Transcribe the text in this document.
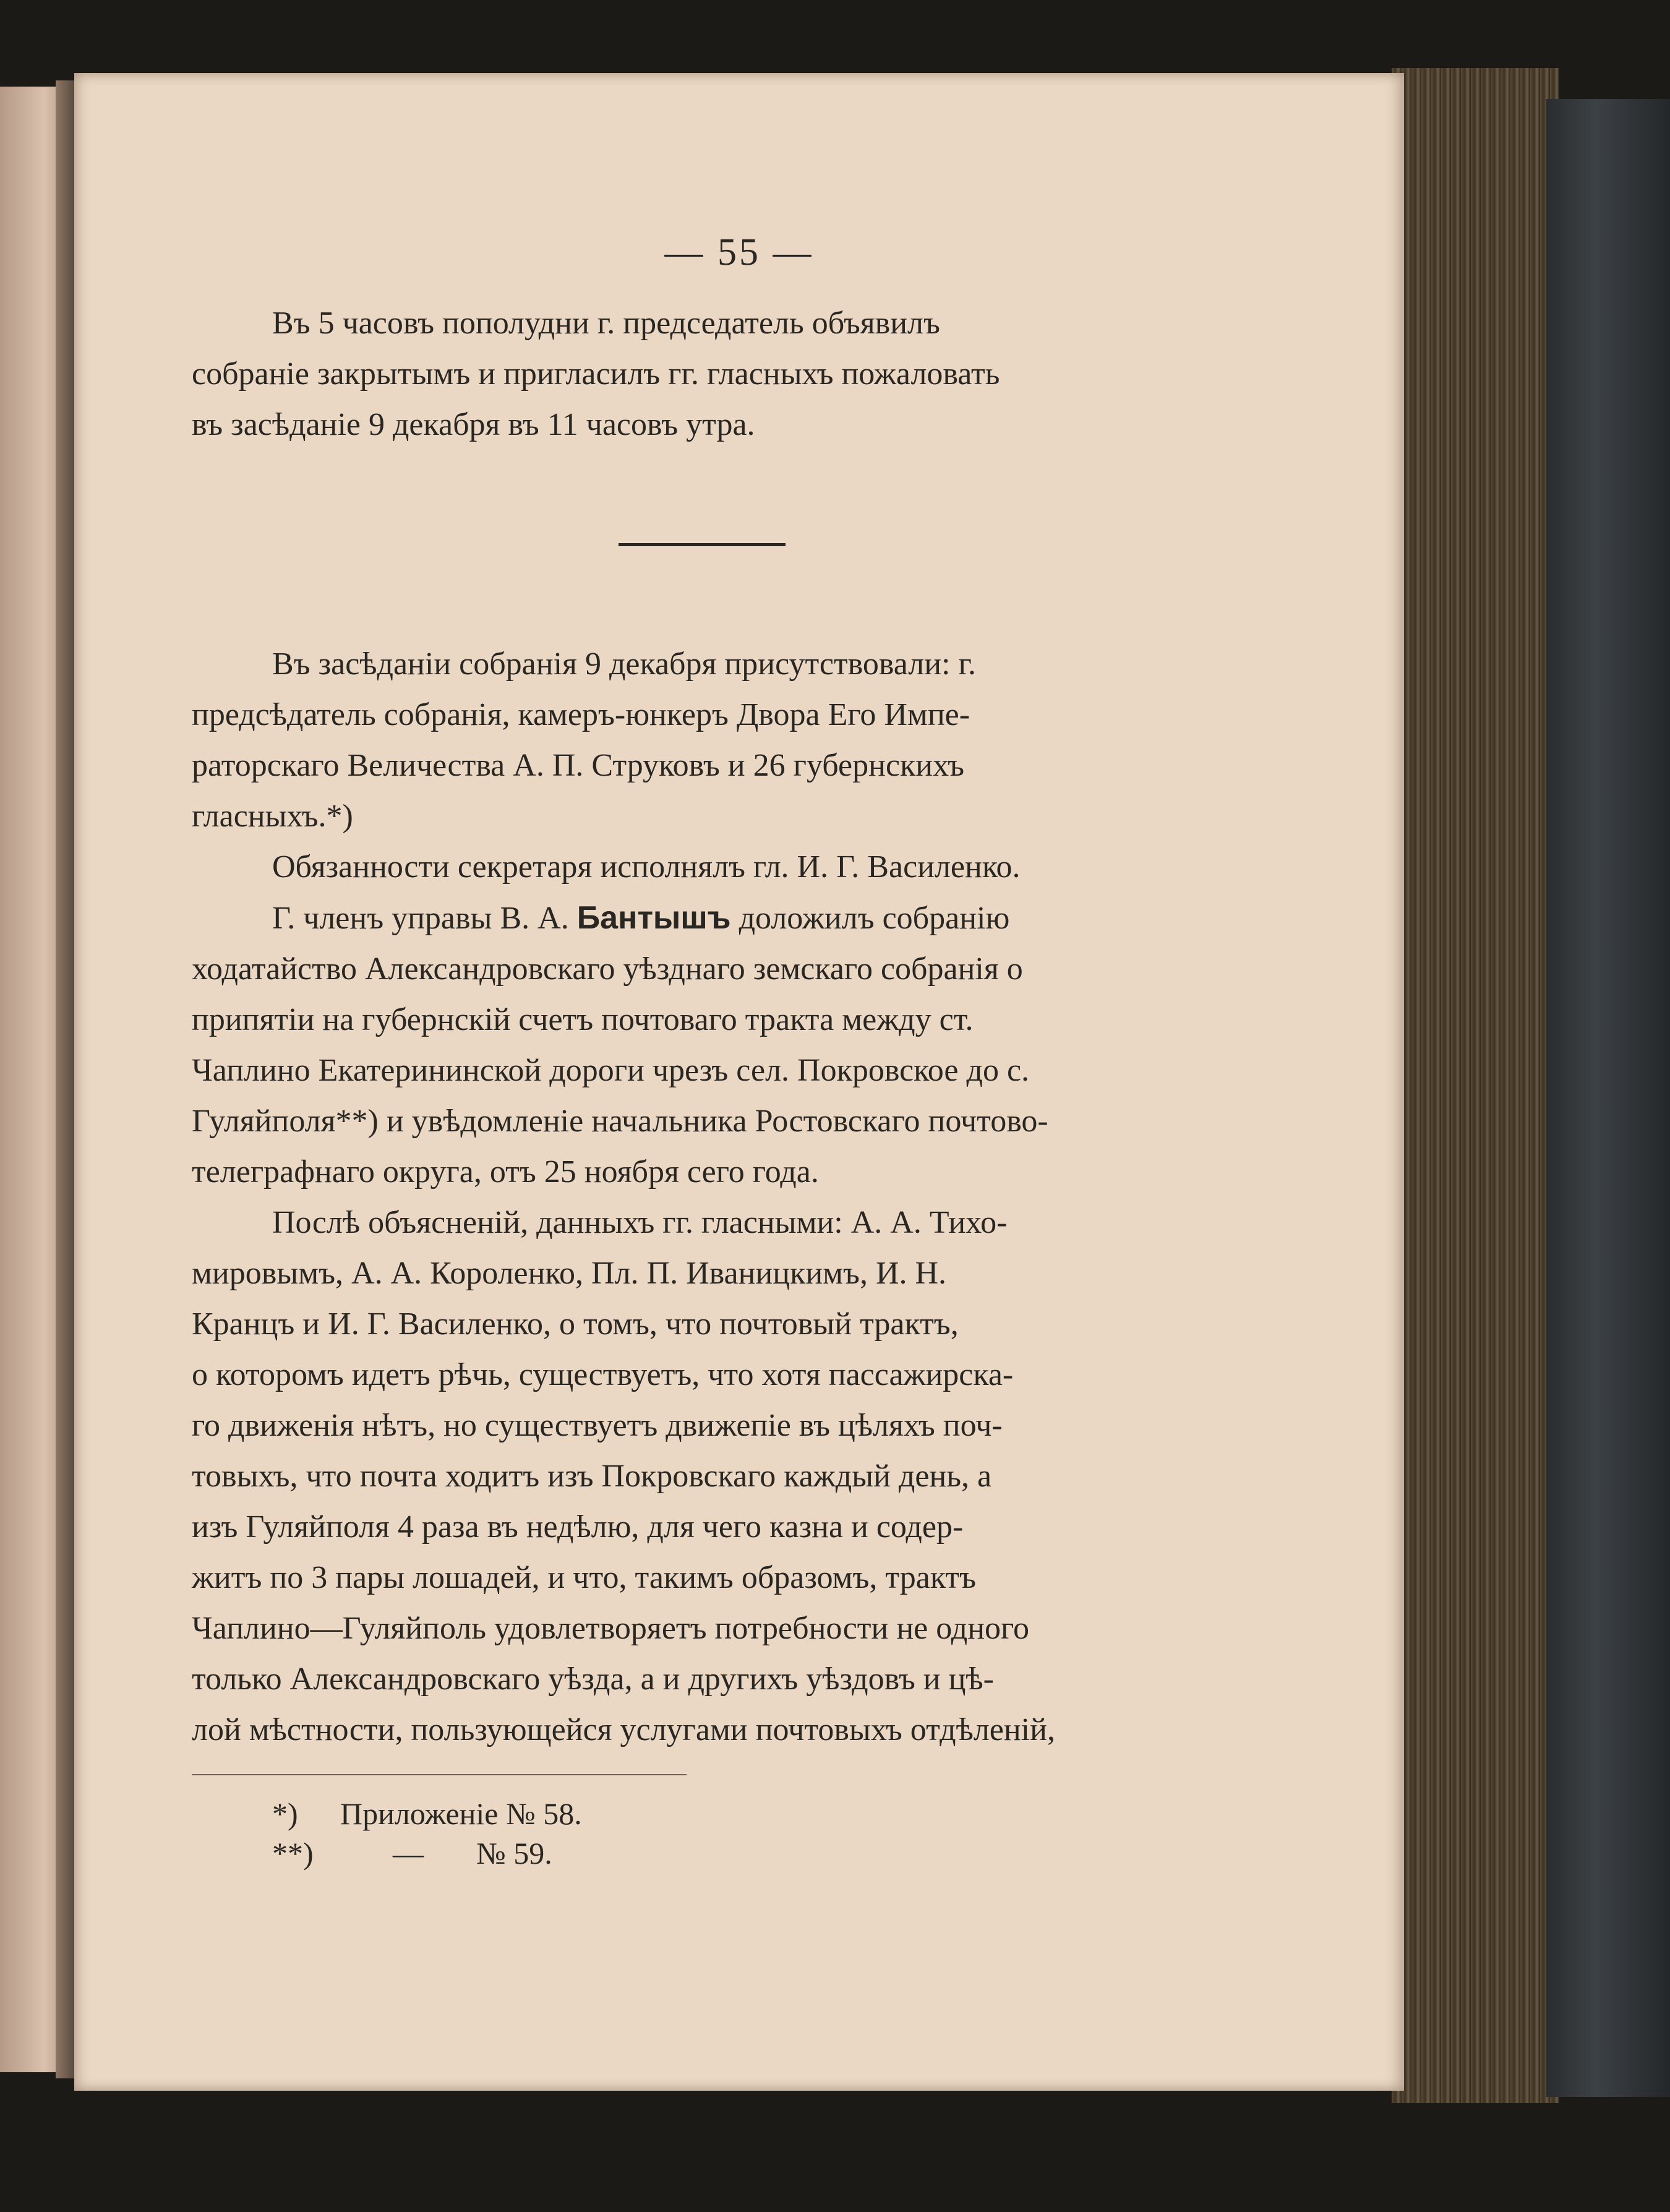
— 55 —

Въ 5 часовъ пополудни г. председатель объявилъ
собраніе закрытымъ и пригласилъ гг. гласныхъ пожаловать
въ засѣданіе 9 декабря въ 11 часовъ утра.

Въ засѣданіи собранія 9 декабря присутствовали: г.
предсѣдатель собранія, камеръ-юнкеръ Двора Его Импе-
раторскаго Величества А. П. Струковъ и 26 губернскихъ
гласныхъ.*)

Обязанности секретаря исполнялъ гл. И. Г. Василенко.

Г. членъ управы В. А. Бантышъ доложилъ собранію
ходатайство Александровскаго уѣзднаго земскаго собранія о
припятіи на губернскій счетъ почтоваго тракта между ст.
Чаплино Екатерининской дороги чрезъ сел. Покровское до с.
Гуляйполя**) и увѣдомленіе начальника Ростовскаго почтово-
телеграфнаго округа, отъ 25 ноября сего года.

Послѣ объясненій, данныхъ гг. гласными: А. А. Тихо-
мировымъ, А. А. Короленко, Пл. П. Иваницкимъ, И. Н.
Кранцъ и И. Г. Василенко, о томъ, что почтовый трактъ,
о которомъ идетъ рѣчь, существуетъ, что хотя пассажирска-
го движенія нѣтъ, но существуетъ движепіе въ цѣляхъ поч-
товыхъ, что почта ходитъ изъ Покровскаго каждый день, а
изъ Гуляйполя 4 раза въ недѣлю, для чего казна и содер-
житъ по 3 пары лошадей, и что, такимъ образомъ, трактъ
Чаплино—Гуляйполь удовлетворяетъ потребности не одного
только Александровскаго уѣзда, а и другихъ уѣздовъ и цѣ-
лой мѣстности, пользующейся услугами почтовыхъ отдѣленій,

*) Приложеніе № 58.
**)	— № 59.
